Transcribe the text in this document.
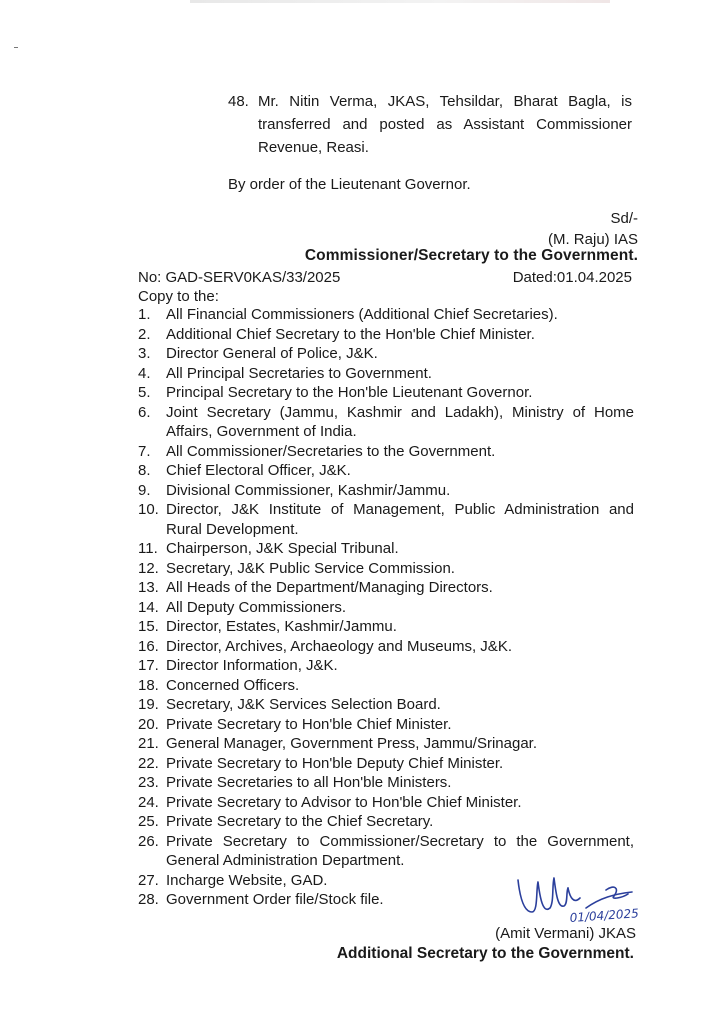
48. Mr. Nitin Verma, JKAS, Tehsildar, Bharat Bagla, is transferred and posted as Assistant Commissioner Revenue, Reasi.
By order of the Lieutenant Governor.
Sd/-
(M. Raju) IAS
Commissioner/Secretary to the Government.
No: GAD-SERV0KAS/33/2025	Dated:01.04.2025
Copy to the:
1. All Financial Commissioners (Additional Chief Secretaries).
2. Additional Chief Secretary to the Hon'ble Chief Minister.
3. Director General of Police, J&K.
4. All Principal Secretaries to Government.
5. Principal Secretary to the Hon'ble Lieutenant Governor.
6. Joint Secretary (Jammu, Kashmir and Ladakh), Ministry of Home Affairs, Government of India.
7. All Commissioner/Secretaries to the Government.
8. Chief Electoral Officer, J&K.
9. Divisional Commissioner, Kashmir/Jammu.
10. Director, J&K Institute of Management, Public Administration and Rural Development.
11. Chairperson, J&K Special Tribunal.
12. Secretary, J&K Public Service Commission.
13. All Heads of the Department/Managing Directors.
14. All Deputy Commissioners.
15. Director, Estates, Kashmir/Jammu.
16. Director, Archives, Archaeology and Museums, J&K.
17. Director Information, J&K.
18. Concerned Officers.
19. Secretary, J&K Services Selection Board.
20. Private Secretary to Hon'ble Chief Minister.
21. General Manager, Government Press, Jammu/Srinagar.
22. Private Secretary to Hon'ble Deputy Chief Minister.
23. Private Secretaries to all Hon'ble Ministers.
24. Private Secretary to Advisor to Hon'ble Chief Minister.
25. Private Secretary to the Chief Secretary.
26. Private Secretary to Commissioner/Secretary to the Government, General Administration Department.
27. Incharge Website, GAD.
28. Government Order file/Stock file.
01/04/2025
(Amit Vermani) JKAS
Additional Secretary to the Government.
